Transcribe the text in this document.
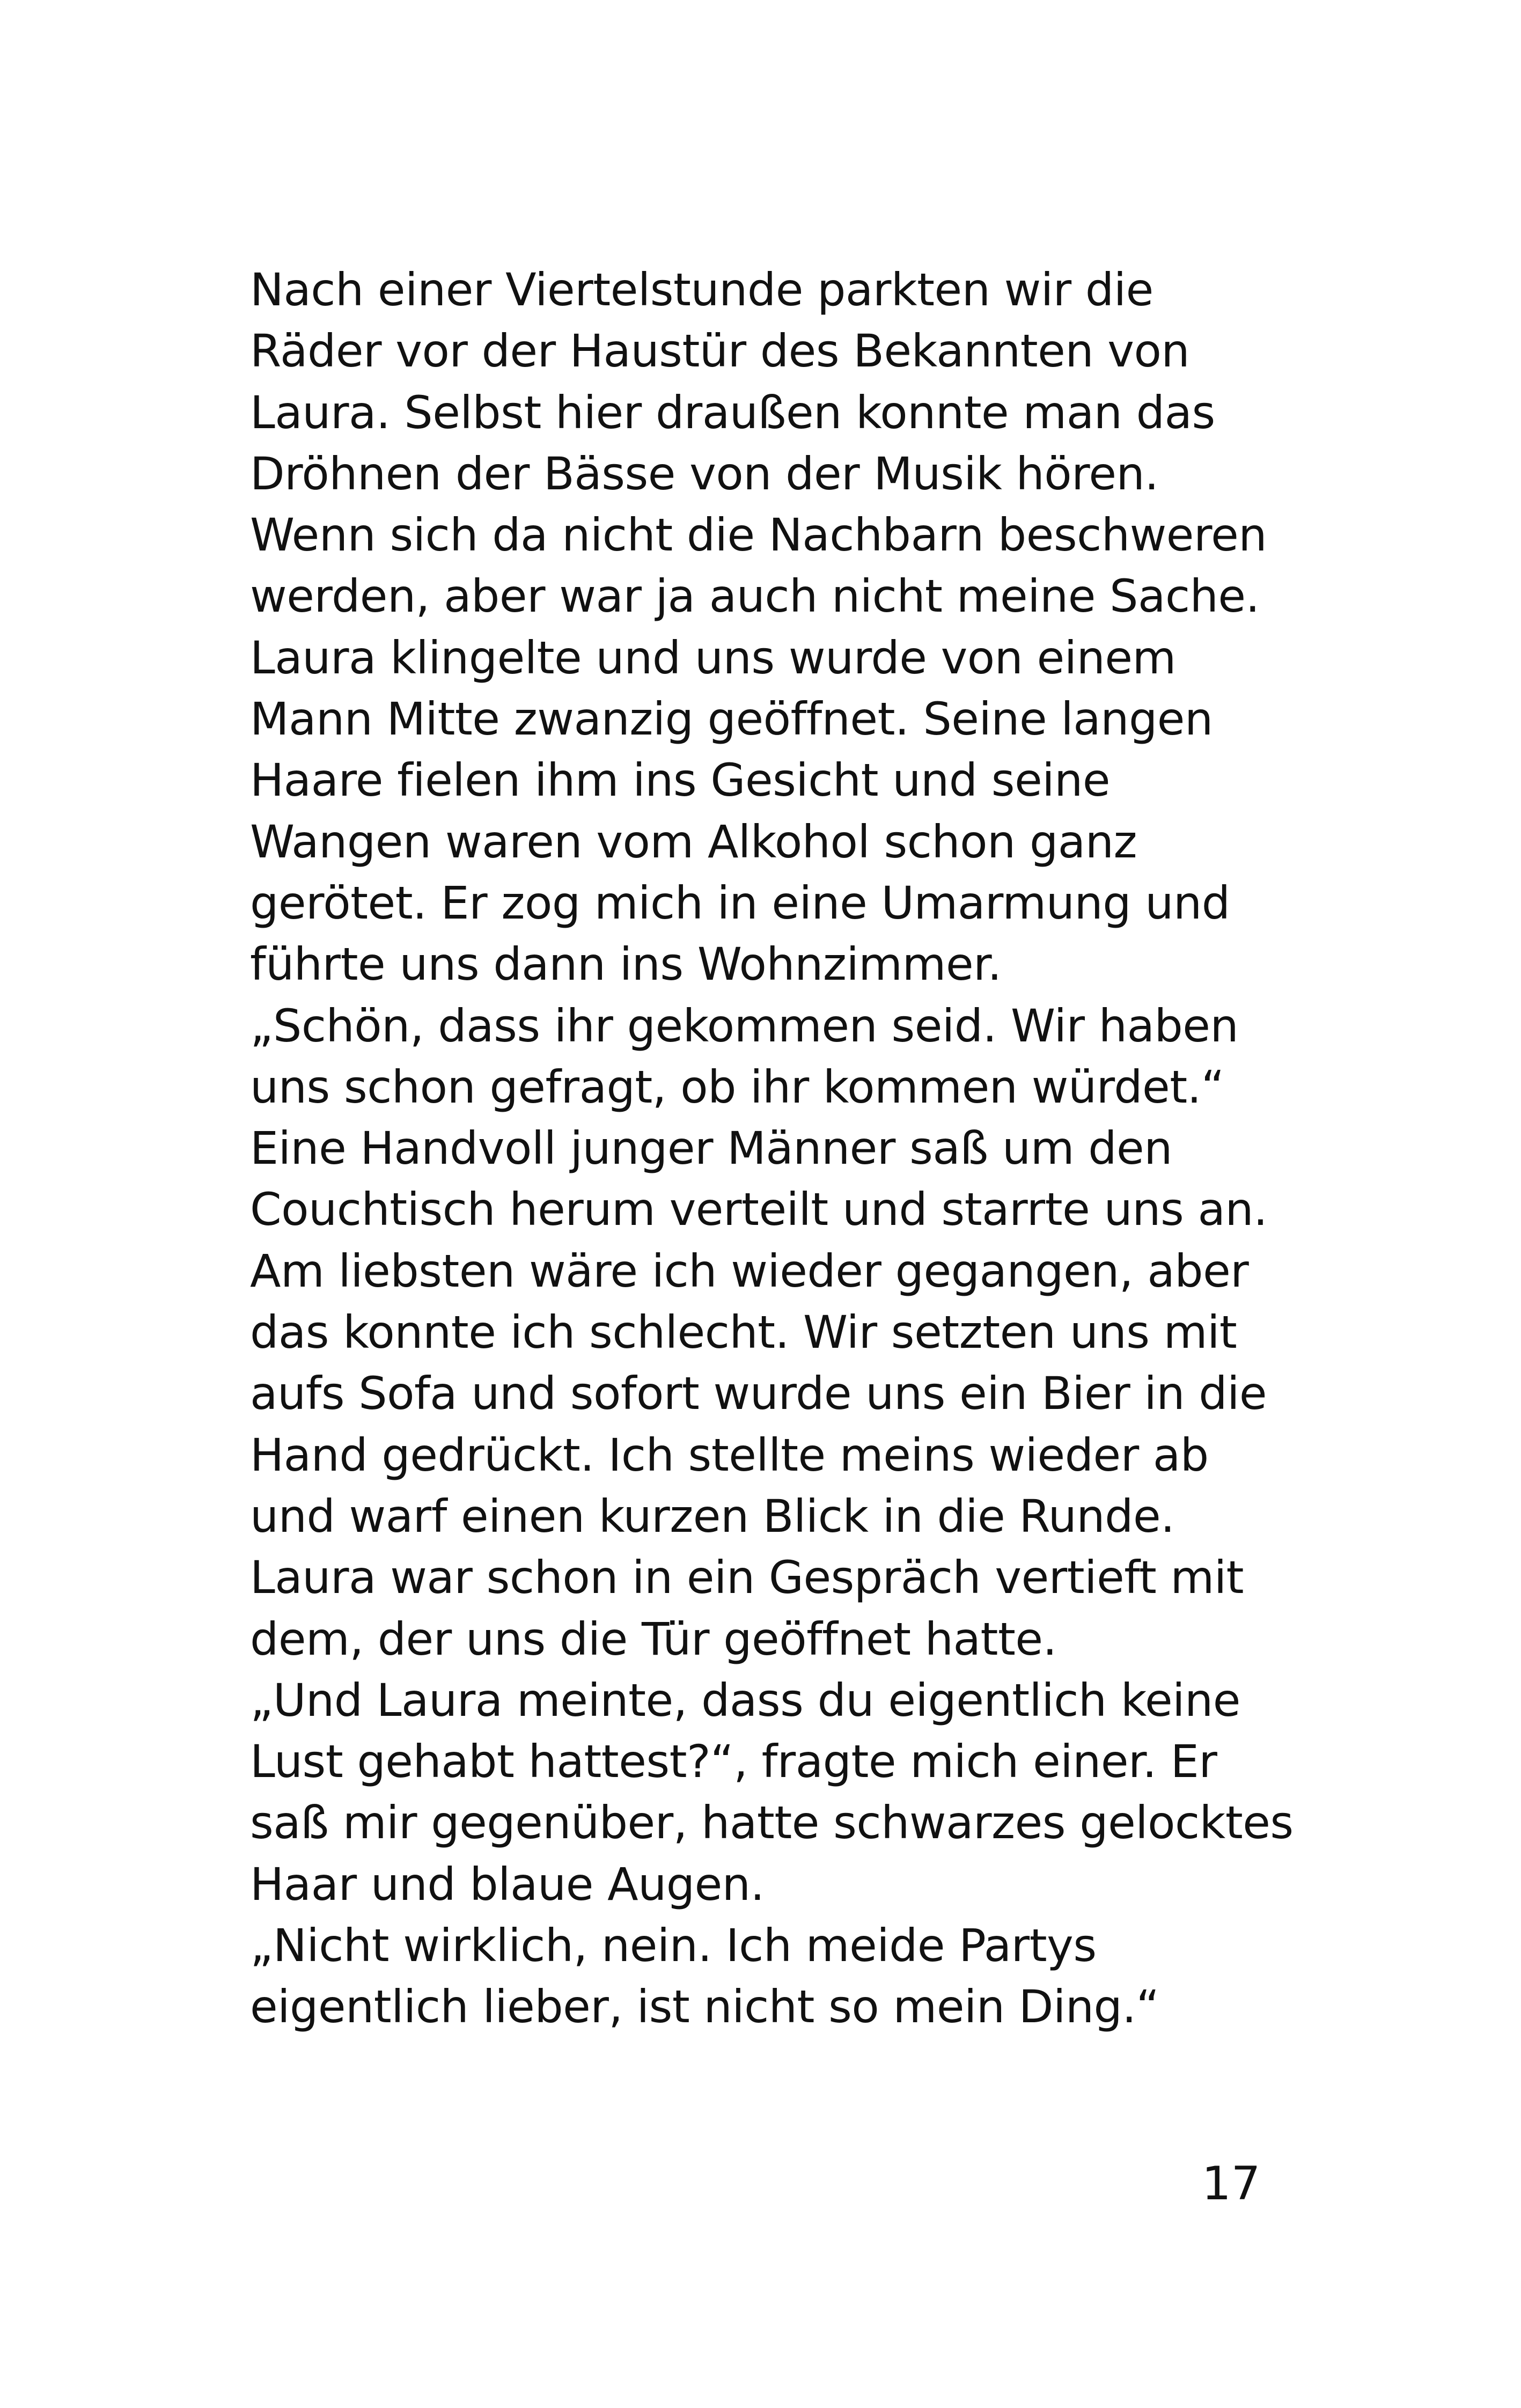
Nach einer Viertelstunde parkten wir die
Räder vor der Haustür des Bekannten von
Laura. Selbst hier draußen konnte man das
Dröhnen der Bässe von der Musik hören.
Wenn sich da nicht die Nachbarn beschweren
werden, aber war ja auch nicht meine Sache.
Laura klingelte und uns wurde von einem
Mann Mitte zwanzig geöffnet. Seine langen
Haare fielen ihm ins Gesicht und seine
Wangen waren vom Alkohol schon ganz
gerötet. Er zog mich in eine Umarmung und
führte uns dann ins Wohnzimmer.
„Schön, dass ihr gekommen seid. Wir haben
uns schon gefragt, ob ihr kommen würdet.“
Eine Handvoll junger Männer saß um den
Couchtisch herum verteilt und starrte uns an.
Am liebsten wäre ich wieder gegangen, aber
das konnte ich schlecht. Wir setzten uns mit
aufs Sofa und sofort wurde uns ein Bier in die
Hand gedrückt. Ich stellte meins wieder ab
und warf einen kurzen Blick in die Runde.
Laura war schon in ein Gespräch vertieft mit
dem, der uns die Tür geöffnet hatte.
„Und Laura meinte, dass du eigentlich keine
Lust gehabt hattest?“, fragte mich einer. Er
saß mir gegenüber, hatte schwarzes gelocktes
Haar und blaue Augen.
„Nicht wirklich, nein. Ich meide Partys
eigentlich lieber, ist nicht so mein Ding.“
17
